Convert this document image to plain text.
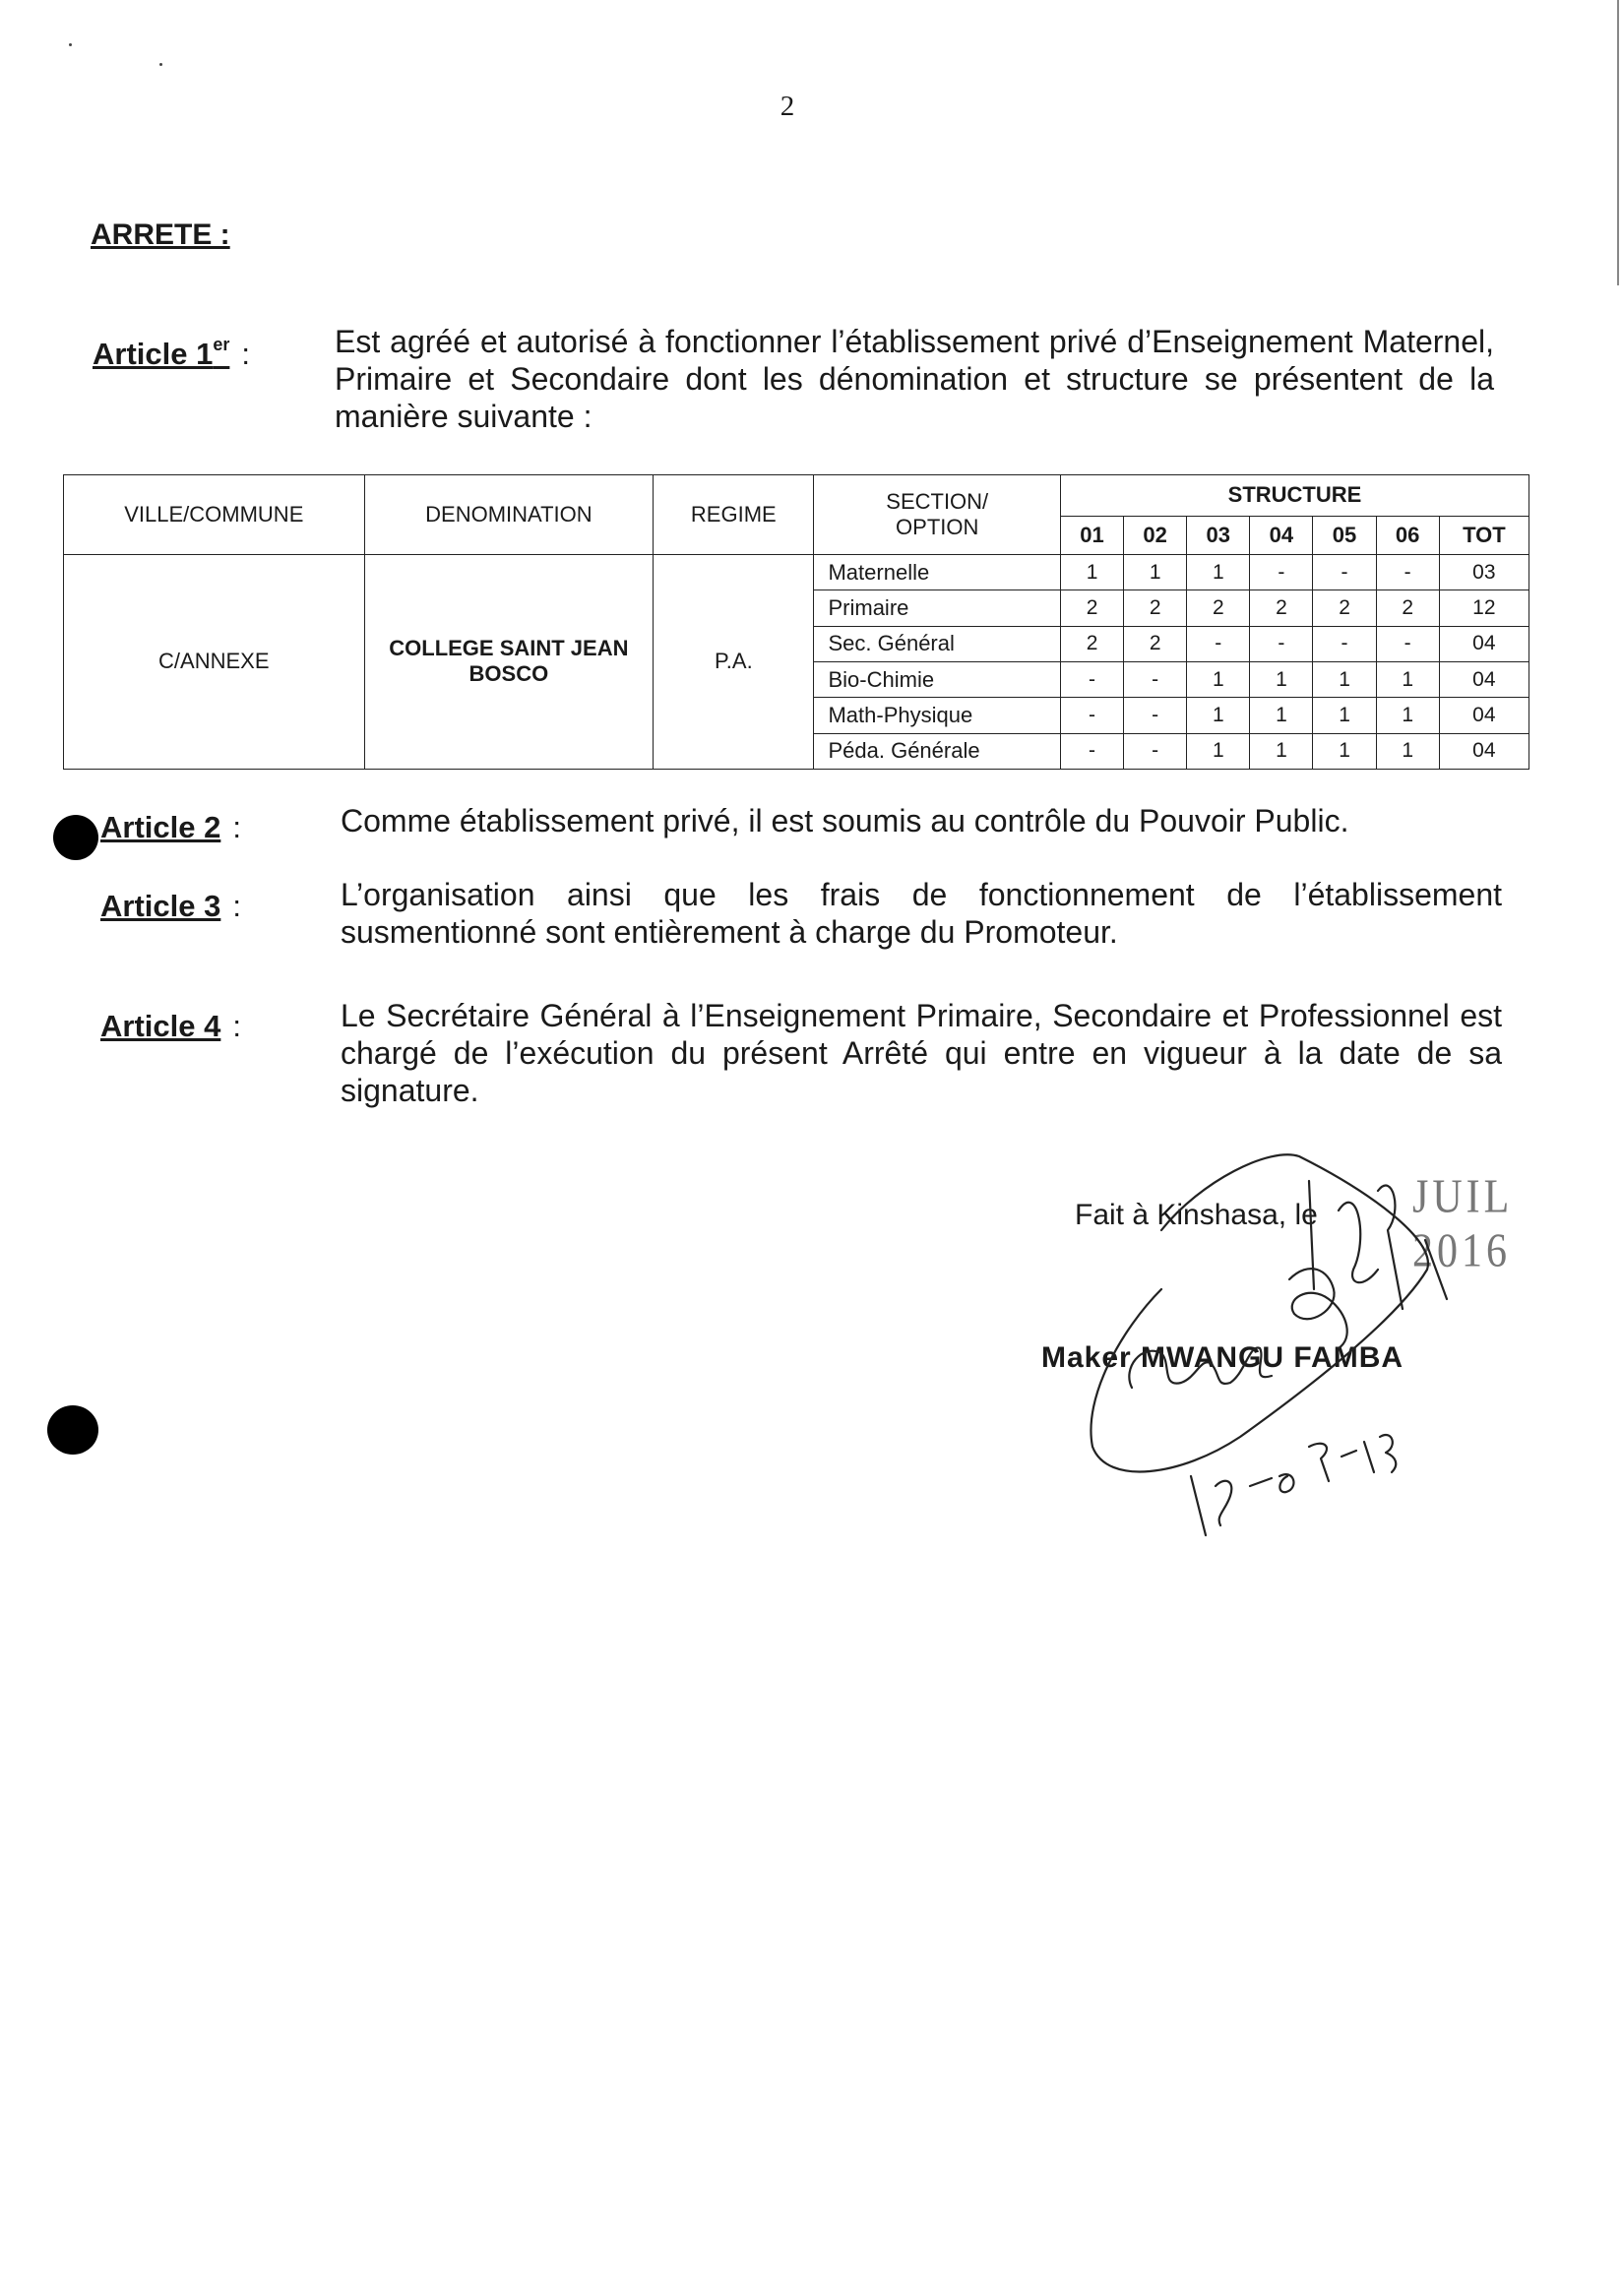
2
ARRETE :
Article 1er :	Est agréé et autorisé à fonctionner l’établissement privé d’Enseignement Maternel, Primaire et Secondaire dont les dénomination et structure se présentent de la manière suivante :
VILLE/COMMUNE	DENOMINATION	REGIME	SECTION/
OPTION	STRUCTURE						
				01	02	03	04	05	06	TOT
C/ANNEXE	COLLEGE SAINT JEAN BOSCO	P.A.	Maternelle	1	1	1	-	-	-	03
			Primaire	2	2	2	2	2	2	12
			Sec. Général	2	2	-	-	-	-	04
			Bio-Chimie	-	-	1	1	1	1	04
			Math-Physique	-	-	1	1	1	1	04
			Péda. Générale	-	-	1	1	1	1	04
Article 2 :	Comme établissement privé, il est soumis au contrôle du Pouvoir Public.
Article 3 :	L’organisation ainsi que les frais de fonctionnement de l’établissement susmentionné sont entièrement à charge du Promoteur.
Article 4 :	Le Secrétaire Général à l’Enseignement Primaire, Secondaire et Professionnel est chargé de l’exécution du présent Arrêté qui entre en vigueur à la date de sa signature.
Fait à Kinshasa, le JUIL 2016
Maker MWANGU FAMBA
